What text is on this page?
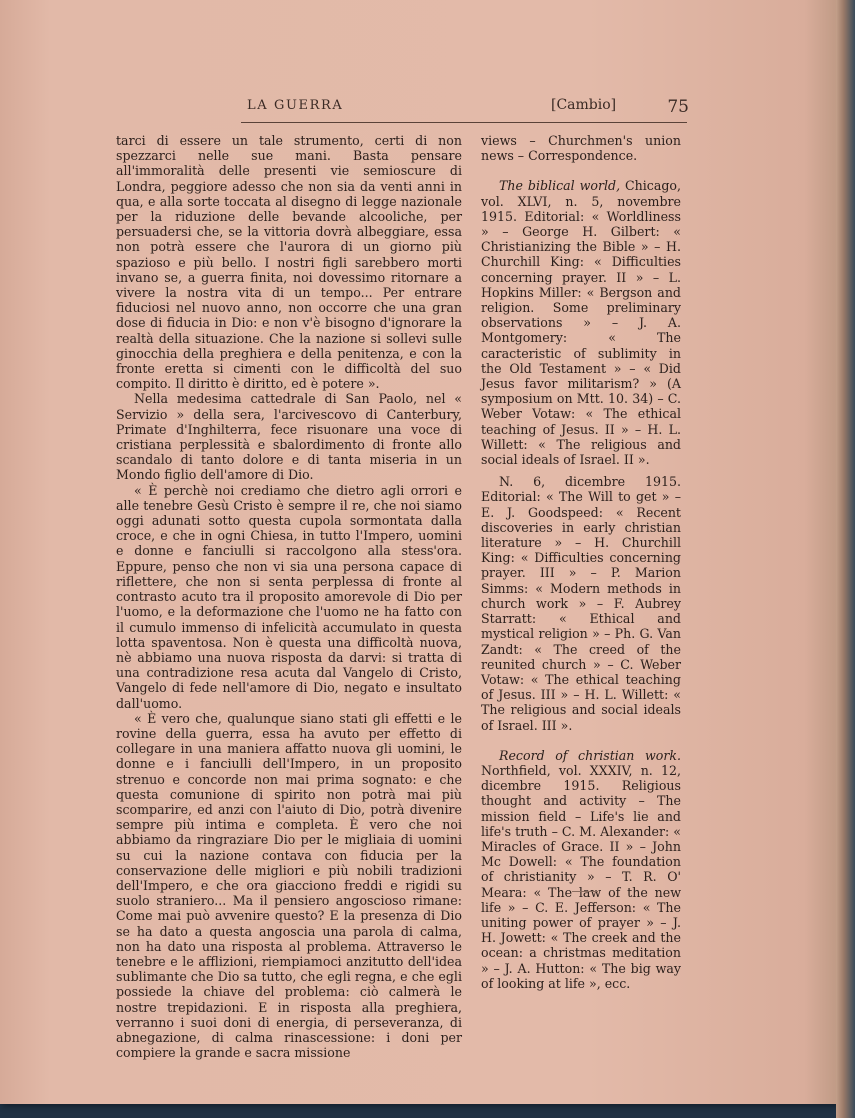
LA GUERRA	[Cambio]	75

tarci di essere un tale strumento, certi di non spezzarci nelle sue mani. Basta pensare all'immoralità delle presenti vie semioscure di Londra, peggiore adesso che non sia da venti anni in qua, e alla sorte toccata al disegno di legge nazionale per la riduzione delle bevande alcooliche, per persuadersi che, se la vittoria dovrà albeggiare, essa non potrà essere che l'aurora di un giorno più spazioso e più bello. I nostri figli sarebbero morti invano se, a guerra finita, noi dovessimo ritornare a vivere la nostra vita di un tempo... Per entrare fiduciosi nel nuovo anno, non occorre che una gran dose di fiducia in Dio: e non v'è bisogno d'ignorare la realtà della situazione. Che la nazione si sollevi sulle ginocchia della preghiera e della penitenza, e con la fronte eretta si cimenti con le difficoltà del suo compito. Il diritto è diritto, ed è potere ».

Nella medesima cattedrale di San Paolo, nel « Servizio » della sera, l'arcivescovo di Canterbury, Primate d'Inghilterra, fece risuonare una voce di cristiana perplessità e sbalordimento di fronte allo scandalo di tanto dolore e di tanta miseria in un Mondo figlio dell'amore di Dio.

« È perchè noi crediamo che dietro agli orrori e alle tenebre Gesù Cristo è sempre il re, che noi siamo oggi adunati sotto questa cupola sormontata dalla croce, e che in ogni Chiesa, in tutto l'Impero, uomini e donne e fanciulli si raccolgono alla stess'ora. Eppure, penso che non vi sia una persona capace di riflettere, che non si senta perplessa di fronte al contrasto acuto tra il proposito amorevole di Dio per l'uomo, e la deformazione che l'uomo ne ha fatto con il cumulo immenso di infelicità accumulato in questa lotta spaventosa. Non è questa una difficoltà nuova, nè abbiamo una nuova risposta da darvi: si tratta di una contradizione resa acuta dal Vangelo di Cristo, Vangelo di fede nell'amore di Dio, negato e insultato dall'uomo.

« È vero che, qualunque siano stati gli effetti e le rovine della guerra, essa ha avuto per effetto di collegare in una maniera affatto nuova gli uomini, le donne e i fanciulli dell'Impero, in un proposito strenuo e concorde non mai prima sognato: e che questa comunione di spirito non potrà mai più scomparire, ed anzi con l'aiuto di Dio, potrà divenire sempre più intima e completa. È vero che noi abbiamo da ringraziare Dio per le migliaia di uomini su cui la nazione contava con fiducia per la conservazione delle migliori e più nobili tradizioni dell'Impero, e che ora giacciono freddi e rigidi su suolo straniero... Ma il pensiero angoscioso rimane: Come mai può avvenire questo? E la presenza di Dio se ha dato a questa angoscia una parola di calma, non ha dato una risposta al problema. Attraverso le tenebre e le afflizioni, riempiamoci anzitutto dell'idea sublimante che Dio sa tutto, che egli regna, e che egli possiede la chiave del problema: ciò calmerà le nostre trepidazioni. E in risposta alla preghiera, verranno i suoi doni di energia, di perseveranza, di abnegazione, di calma rinascessione: i doni per compiere la grande e sacra missione

views – Churchmen's union news – Correspondence.

The biblical world, Chicago, vol. XLVI, n. 5, novembre 1915. Editorial: « Worldliness » – George H. Gilbert: « Christianizing the Bible » – H. Churchill King: « Difficulties concerning prayer. II » – L. Hopkins Miller: « Bergson and religion. Some preliminary observations » – J. A. Montgomery: « The caracteristic of sublimity in the Old Testament » – « Did Jesus favor militarism? » (A symposium on Mtt. 10. 34) – C. Weber Votaw: « The ethical teaching of Jesus. II » – H. L. Willett: « The religious and social ideals of Israel. II ».

N. 6, dicembre 1915. Editorial: « The Will to get » – E. J. Goodspeed: « Recent discoveries in early christian literature » – H. Churchill King: « Difficulties concerning prayer. III » – P. Marion Simms: « Modern methods in church work » – F. Aubrey Starratt: « Ethical and mystical religion » – Ph. G. Van Zandt: « The creed of the reunited church » – C. Weber Votaw: « The ethical teaching of Jesus. III » – H. L. Willett: « The religious and social ideals of Israel. III ».

Record of christian work. Northfield, vol. XXXIV, n. 12, dicembre 1915. Religious thought and activity – The mission field – Life's lie and life's truth – C. M. Alexander: « Miracles of Grace. II » – John Mc Dowell: « The foundation of christianity » – T. R. O' Meara: « The law of the new life » – C. E. Jefferson: « The uniting power of prayer » – J. H. Jowett: « The creek and the ocean: a christmas meditation » – J. A. Hutton: « The big way of looking at life », ecc.
